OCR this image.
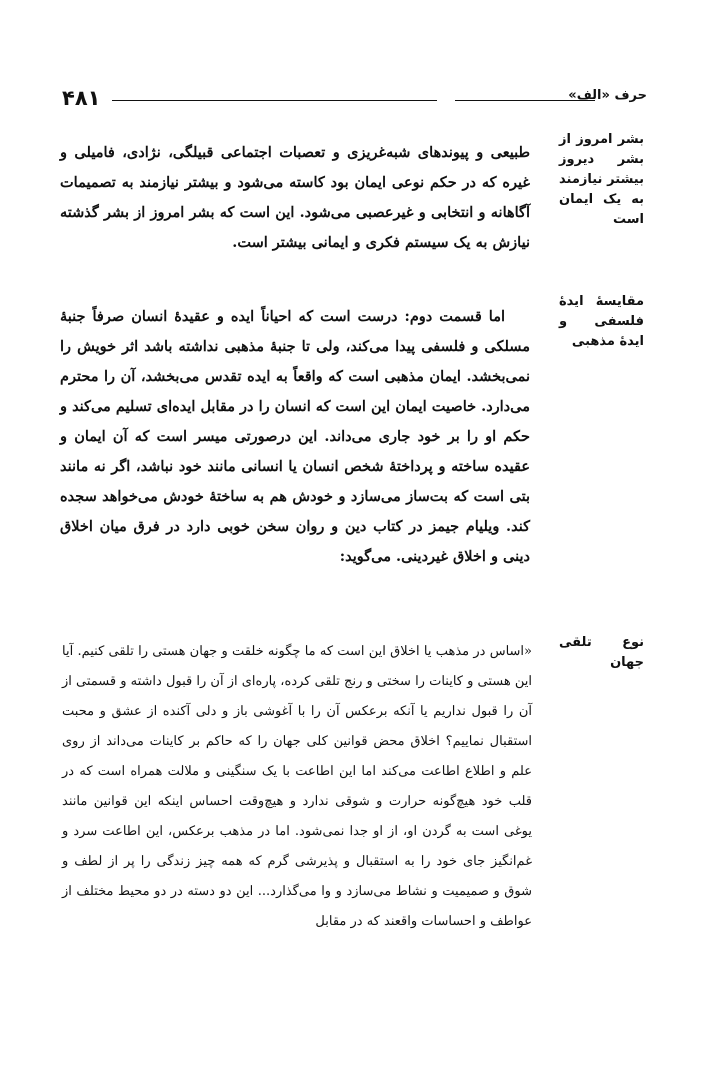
۴۸۱	حرف «الف»
بشر امروز از بشر دیروز بیشتر نیازمند به یک ایمان است
مقایسهٔ ایدهٔ فلسفی و ایدهٔ مذهبی
نوع تلقی جهان

طبیعی و پیوندهای شبه‌غریزی و تعصبات اجتماعی قبیلگی، نژادی، فامیلی و غیره که در حکم نوعی ایمان بود کاسته می‌شود و بیشتر نیازمند به تصمیمات آگاهانه و انتخابی و غیرعصبی می‌شود. این است که بشر امروز از بشر گذشته نیازش به یک سیستم فکری و ایمانی بیشتر است.

اما قسمت دوم: درست است که احیاناً ایده و عقیدهٔ انسان صرفاً جنبهٔ مسلکی و فلسفی پیدا می‌کند، ولی تا جنبهٔ مذهبی نداشته باشد اثر خویش را نمی‌بخشد. ایمان مذهبی است که واقعاً به ایده تقدس می‌بخشد، آن را محترم می‌دارد. خاصیت ایمان این است که انسان را در مقابل ایده‌ای تسلیم می‌کند و حکم او را بر خود جاری می‌داند. این درصورتی میسر است که آن ایمان و عقیده ساخته و پرداختهٔ شخص انسان یا انسانی مانند خود نباشد، اگر نه مانند بتی است که بت‌ساز می‌سازد و خودش هم به ساختهٔ خودش می‌خواهد سجده کند. ویلیام جیمز در کتاب دین و روان سخن خوبی دارد در فرق میان اخلاق دینی و اخلاق غیردینی. می‌گوید:

«اساس در مذهب یا اخلاق این است که ما چگونه خلقت و جهان هستی را تلقی کنیم. آیا این هستی و کاینات را سختی و رنج تلقی کرده، پاره‌ای از آن را قبول داشته و قسمتی از آن را قبول نداریم یا آنکه برعکس آن را با آغوشی باز و دلی آکنده از عشق و محبت استقبال نماییم؟ اخلاق محض قوانین کلی جهان را که حاکم بر کاینات می‌داند از روی علم و اطلاع اطاعت می‌کند اما این اطاعت با یک سنگینی و ملالت همراه است که در قلب خود هیچ‌گونه حرارت و شوقی ندارد و هیچ‌وقت احساس اینکه این قوانین مانند یوغی است به گردن او، از او جدا نمی‌شود. اما در مذهب برعکس، این اطاعت سرد و غم‌انگیز جای خود را به استقبال و پذیرشی گرم که همه چیز زندگی را پر از لطف و شوق و صمیمیت و نشاط می‌سازد و وا می‌گذارد... این دو دسته در دو محیط مختلف از عواطف و احساسات واقعند که در مقابل
